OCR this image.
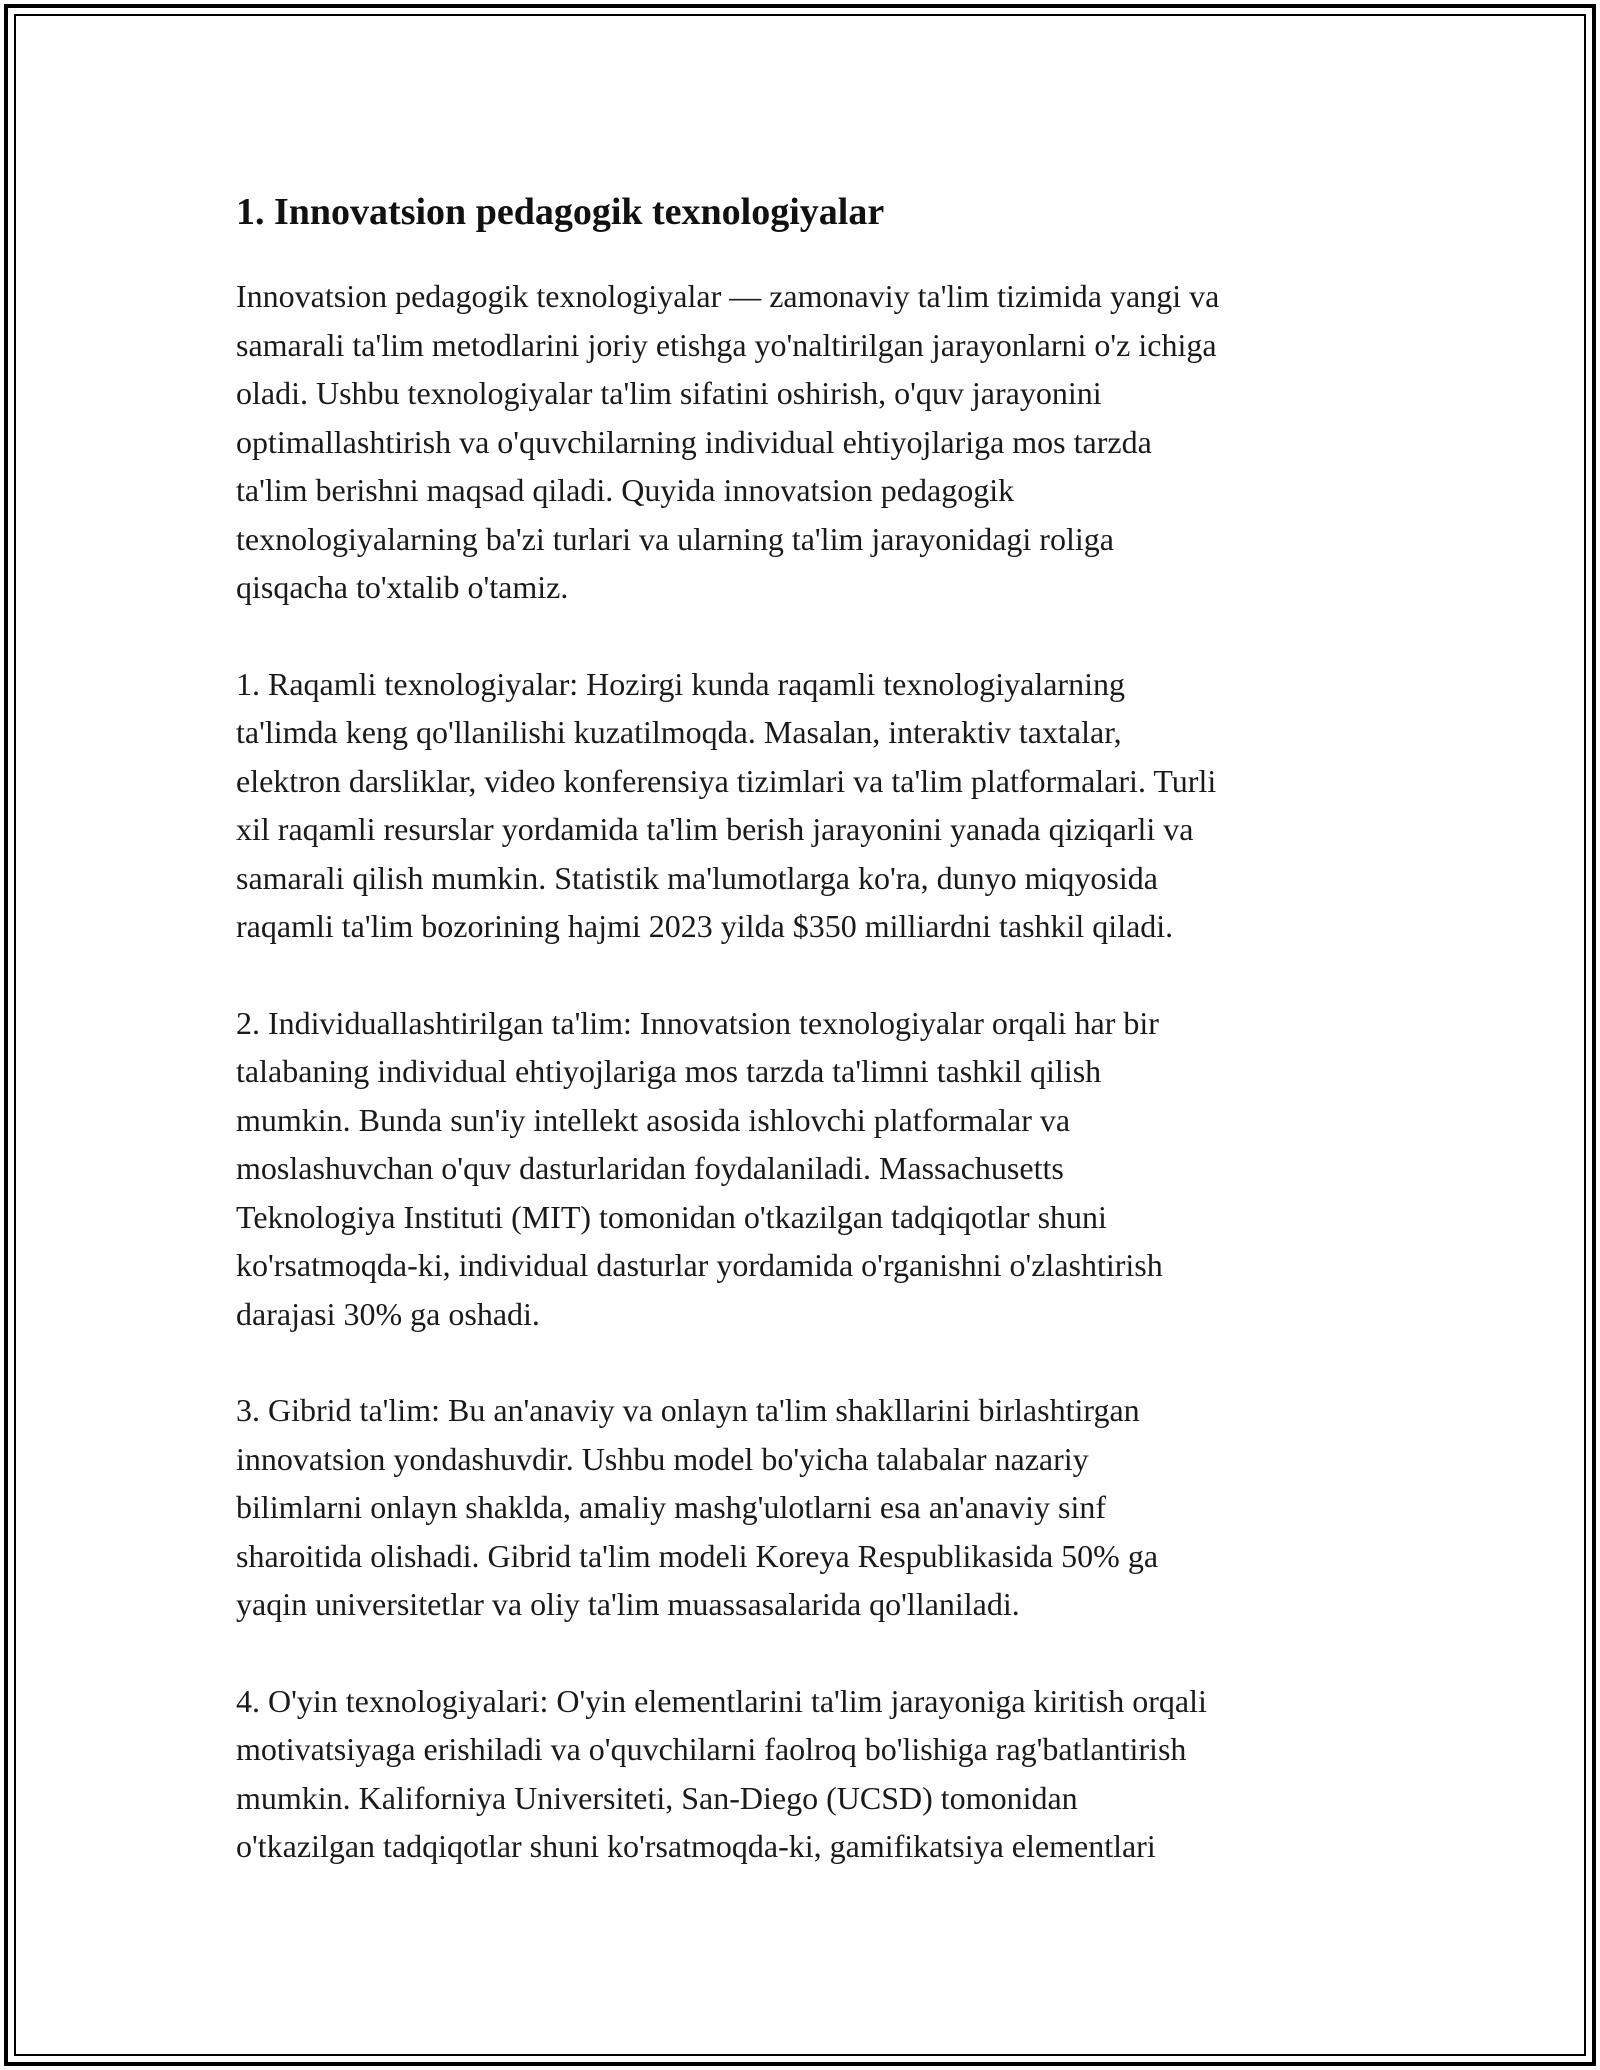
1. Innovatsion pedagogik texnologiyalar

Innovatsion pedagogik texnologiyalar — zamonaviy ta'lim tizimida yangi va
samarali ta'lim metodlarini joriy etishga yo'naltirilgan jarayonlarni o'z ichiga
oladi. Ushbu texnologiyalar ta'lim sifatini oshirish, o'quv jarayonini
optimallashtirish va o'quvchilarning individual ehtiyojlariga mos tarzda
ta'lim berishni maqsad qiladi. Quyida innovatsion pedagogik
texnologiyalarning ba'zi turlari va ularning ta'lim jarayonidagi roliga
qisqacha to'xtalib o'tamiz.

1. Raqamli texnologiyalar: Hozirgi kunda raqamli texnologiyalarning
ta'limda keng qo'llanilishi kuzatilmoqda. Masalan, interaktiv taxtalar,
elektron darsliklar, video konferensiya tizimlari va ta'lim platformalari. Turli
xil raqamli resurslar yordamida ta'lim berish jarayonini yanada qiziqarli va
samarali qilish mumkin. Statistik ma'lumotlarga ko'ra, dunyo miqyosida
raqamli ta'lim bozorining hajmi 2023 yilda $350 milliardni tashkil qiladi.

2. Individuallashtirilgan ta'lim: Innovatsion texnologiyalar orqali har bir
talabaning individual ehtiyojlariga mos tarzda ta'limni tashkil qilish
mumkin. Bunda sun'iy intellekt asosida ishlovchi platformalar va
moslashuvchan o'quv dasturlaridan foydalaniladi. Massachusetts
Teknologiya Instituti (MIT) tomonidan o'tkazilgan tadqiqotlar shuni
ko'rsatmoqda-ki, individual dasturlar yordamida o'rganishni o'zlashtirish
darajasi 30% ga oshadi.

3. Gibrid ta'lim: Bu an'anaviy va onlayn ta'lim shakllarini birlashtirgan
innovatsion yondashuvdir. Ushbu model bo'yicha talabalar nazariy
bilimlarni onlayn shaklda, amaliy mashg'ulotlarni esa an'anaviy sinf
sharoitida olishadi. Gibrid ta'lim modeli Koreya Respublikasida 50% ga
yaqin universitetlar va oliy ta'lim muassasalarida qo'llaniladi.

4. O'yin texnologiyalari: O'yin elementlarini ta'lim jarayoniga kiritish orqali
motivatsiyaga erishiladi va o'quvchilarni faolroq bo'lishiga rag'batlantirish
mumkin. Kaliforniya Universiteti, San-Diego (UCSD) tomonidan
o'tkazilgan tadqiqotlar shuni ko'rsatmoqda-ki, gamifikatsiya elementlari
